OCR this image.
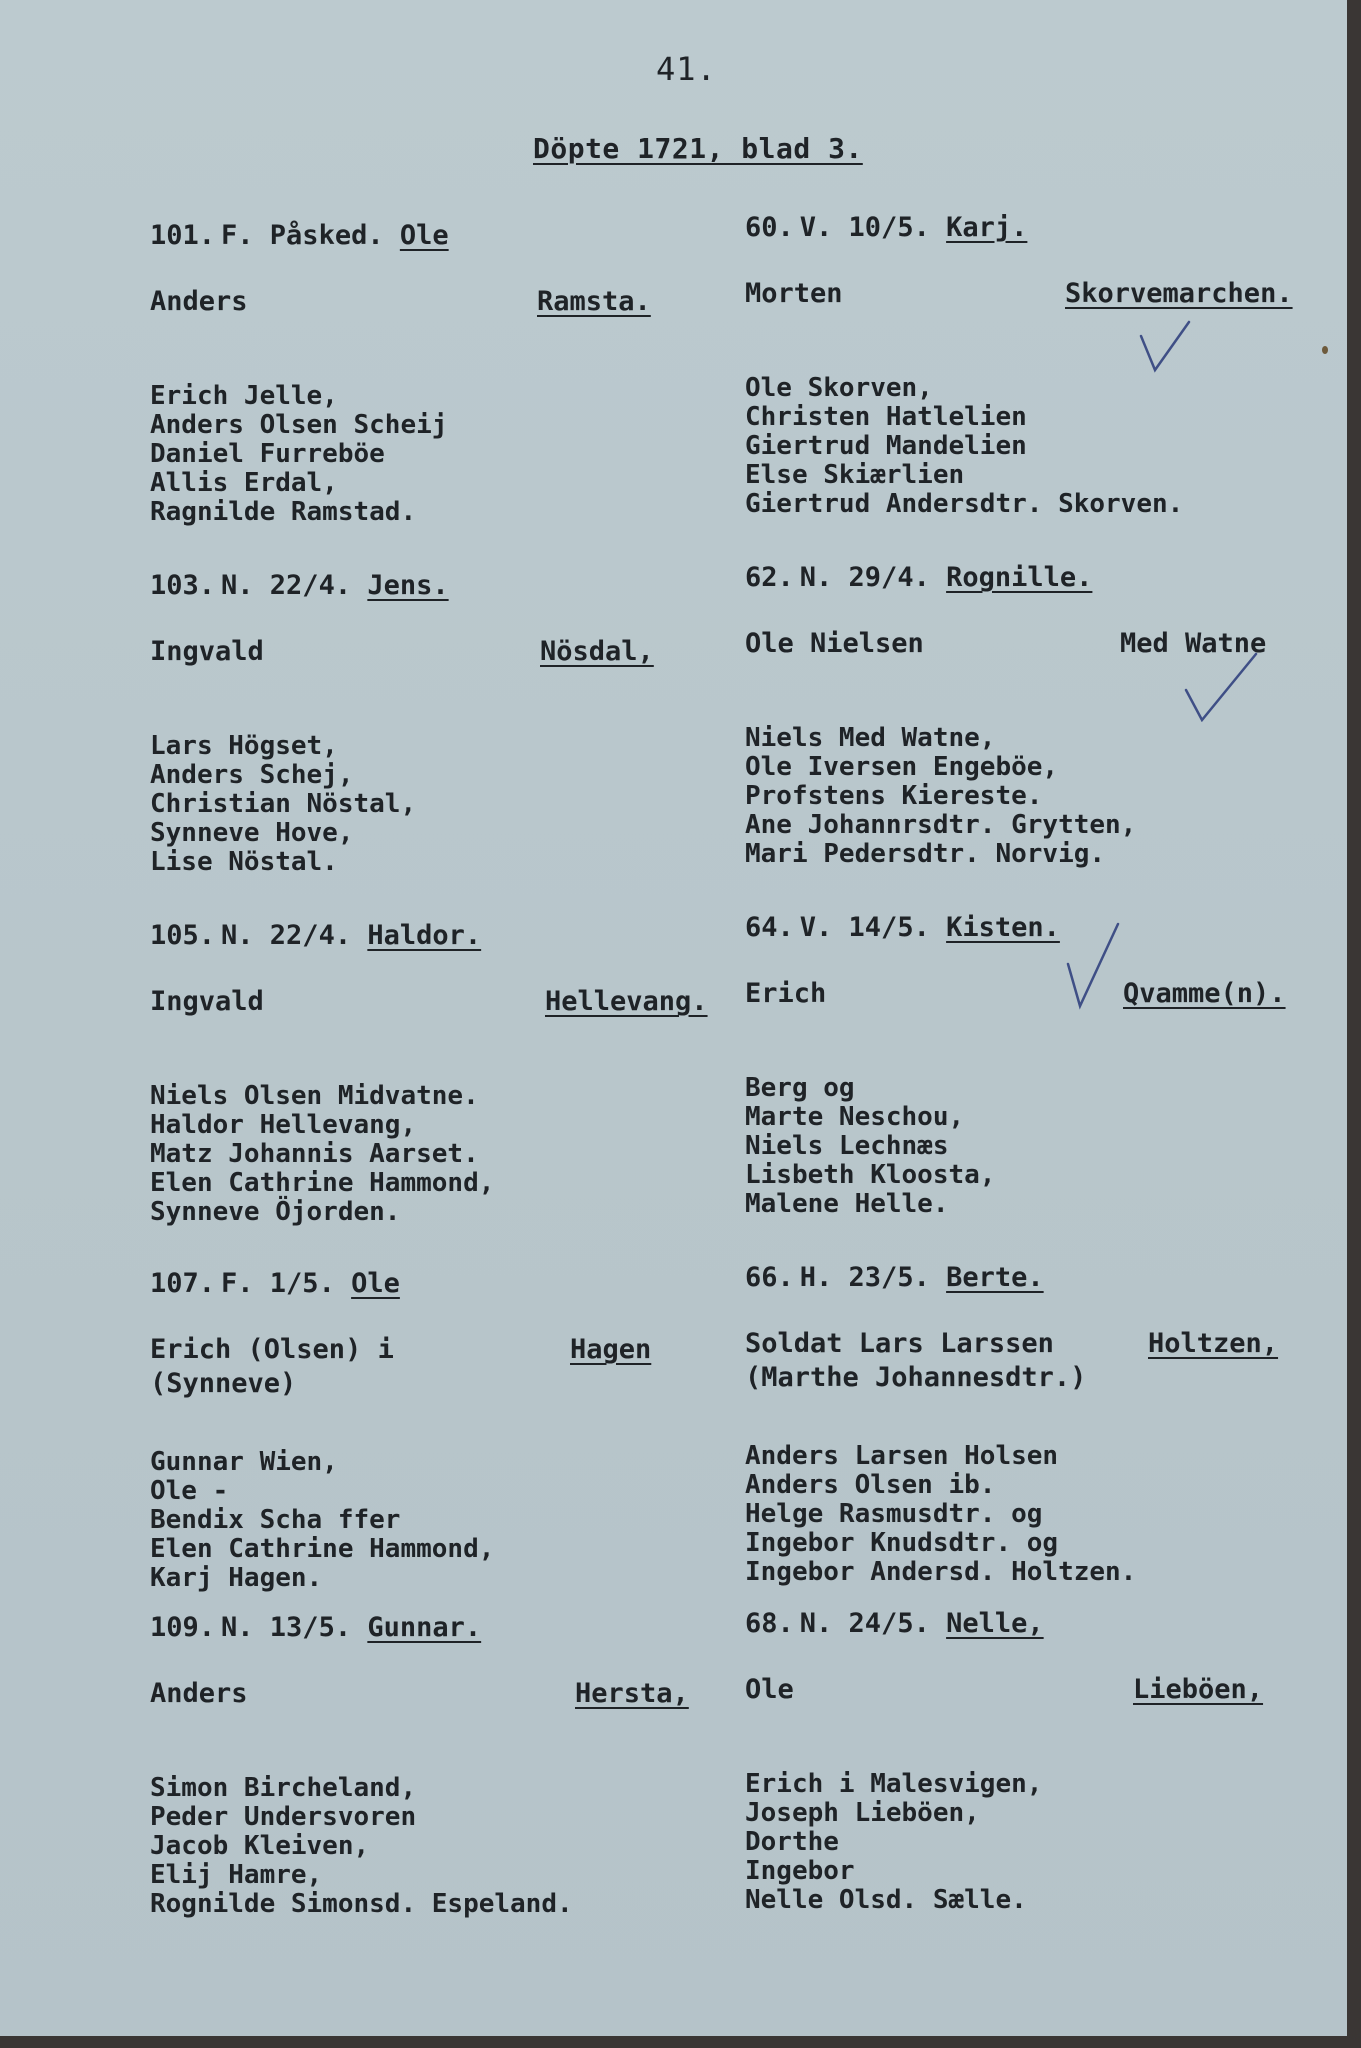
41.
Döpte 1721, blad 3.
101. F. Påsked. Ole
Anders	Ramsta.
Erich Jelle,
Anders Olsen Scheij
Daniel Furreböe
Allis Erdal,
Ragnilde Ramstad.
60. V. 10/5. Karj.
Morten	Skorvemarchen.
Ole Skorven,
Christen Hatlelien
Giertrud Mandelien
Else Skiærlien
Giertrud Andersdtr. Skorven.
103. N. 22/4. Jens.
Ingvald	Nösdal,
Lars Högset,
Anders Schej,
Christian Nöstal,
Synneve Hove,
Lise Nöstal.
62. N. 29/4. Rognille.
Ole Nielsen	Med Watne
Niels Med Watne,
Ole Iversen Engeböe,
Profstens Kiereste.
Ane Johannrsdtr. Grytten,
Mari Pedersdtr. Norvig.
105. N. 22/4. Haldor.
Ingvald	Hellevang.
Niels Olsen Midvatne.
Haldor Hellevang,
Matz Johannis Aarset.
Elen Cathrine Hammond,
Synneve Öjorden.
64. V. 14/5. Kisten.
Erich	Qvamme(n).
Berg og
Marte Neschou,
Niels Lechnæs
Lisbeth Kloosta,
Malene Helle.
107. F. 1/5. Ole
Erich (Olsen) i	Hagen
(Synneve)
Gunnar Wien,
Ole -
Bendix Scha ffer
Elen Cathrine Hammond,
Karj Hagen.
66. H. 23/5. Berte.
Soldat Lars Larssen	Holtzen,
(Marthe Johannesdtr.)
Anders Larsen Holsen
Anders Olsen ib.
Helge Rasmusdtr. og
Ingebor Knudsdtr. og
Ingebor Andersd. Holtzen.
109. N. 13/5. Gunnar.
Anders	Hersta,
Simon Bircheland,
Peder Undersvoren
Jacob Kleiven,
Elij Hamre,
Rognilde Simonsd. Espeland.
68. N. 24/5. Nelle,
Ole	Lieböen,
Erich i Malesvigen,
Joseph Lieböen,
Dorthe
Ingebor
Nelle Olsd. Sælle.
